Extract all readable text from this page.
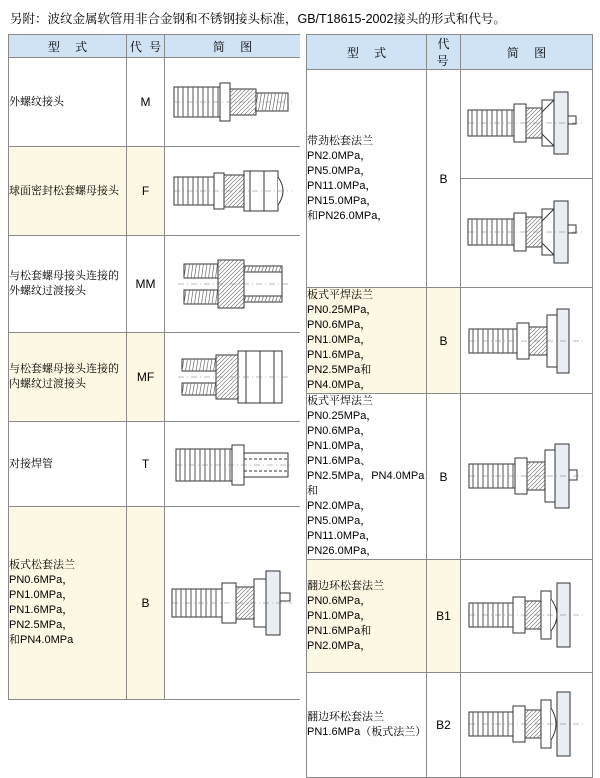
另附：波纹金属软管用非合金钢和不锈钢接头标准，GB/T18615-2002接头的形式和代号。
型 式	代 号	简 图

外螺纹接头	M	

球面密封松套螺母接头	F	

与松套螺母接头连接的外螺纹过渡接头	MM	

与松套螺母接头连接的内螺纹过渡接头	MF	

对接焊管	T	

板式松套法兰
PN0.6MPa，PN1.0MPa，
PN1.6MPa，PN2.5MPa，
和PN4.0MPa
	B	

型 式	代 号	简 图

带劲松套法兰
PN2.0MPa，PN5.0MPa，
PN11.0MPa，PN15.0MPa，
和PN26.0MPa，
	B	

板式平焊法兰
PN0.25MPa，PN0.6MPa，
PN1.0MPa，PN1.6MPa，
PN2.5MPa和PN4.0MPa，
	B	

板式平焊法兰
PN0.25MPa，PN0.6MPa，
PN1.0MPa，PN1.6MPa、
PN2.5MPa，PN4.0MPa和
PN2.0MPa，PN5.0MPa，
PN11.0MPa，PN26.0MPa，
	B	

翻边环松套法兰
PN0.6MPa，PN1.0MPa，
PN1.6MPa和PN2.0MPa，
	B1	

翻边环松套法兰
PN1.6MPa（板式法兰）	B2	
